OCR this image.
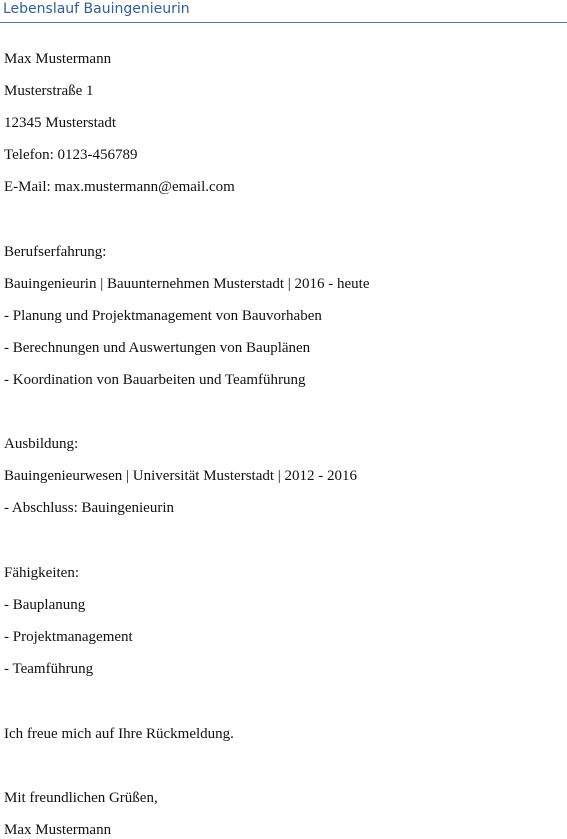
Lebenslauf Bauingenieurin
Max Mustermann
Musterstraße 1
12345 Musterstadt
Telefon: 0123-456789
E-Mail: max.mustermann@email.com
Berufserfahrung:
Bauingenieurin | Bauunternehmen Musterstadt | 2016 - heute
- Planung und Projektmanagement von Bauvorhaben
- Berechnungen und Auswertungen von Bauplänen
- Koordination von Bauarbeiten und Teamführung
Ausbildung:
Bauingenieurwesen | Universität Musterstadt | 2012 - 2016
- Abschluss: Bauingenieurin
Fähigkeiten:
- Bauplanung
- Projektmanagement
- Teamführung
Ich freue mich auf Ihre Rückmeldung.
Mit freundlichen Grüßen,
Max Mustermann
